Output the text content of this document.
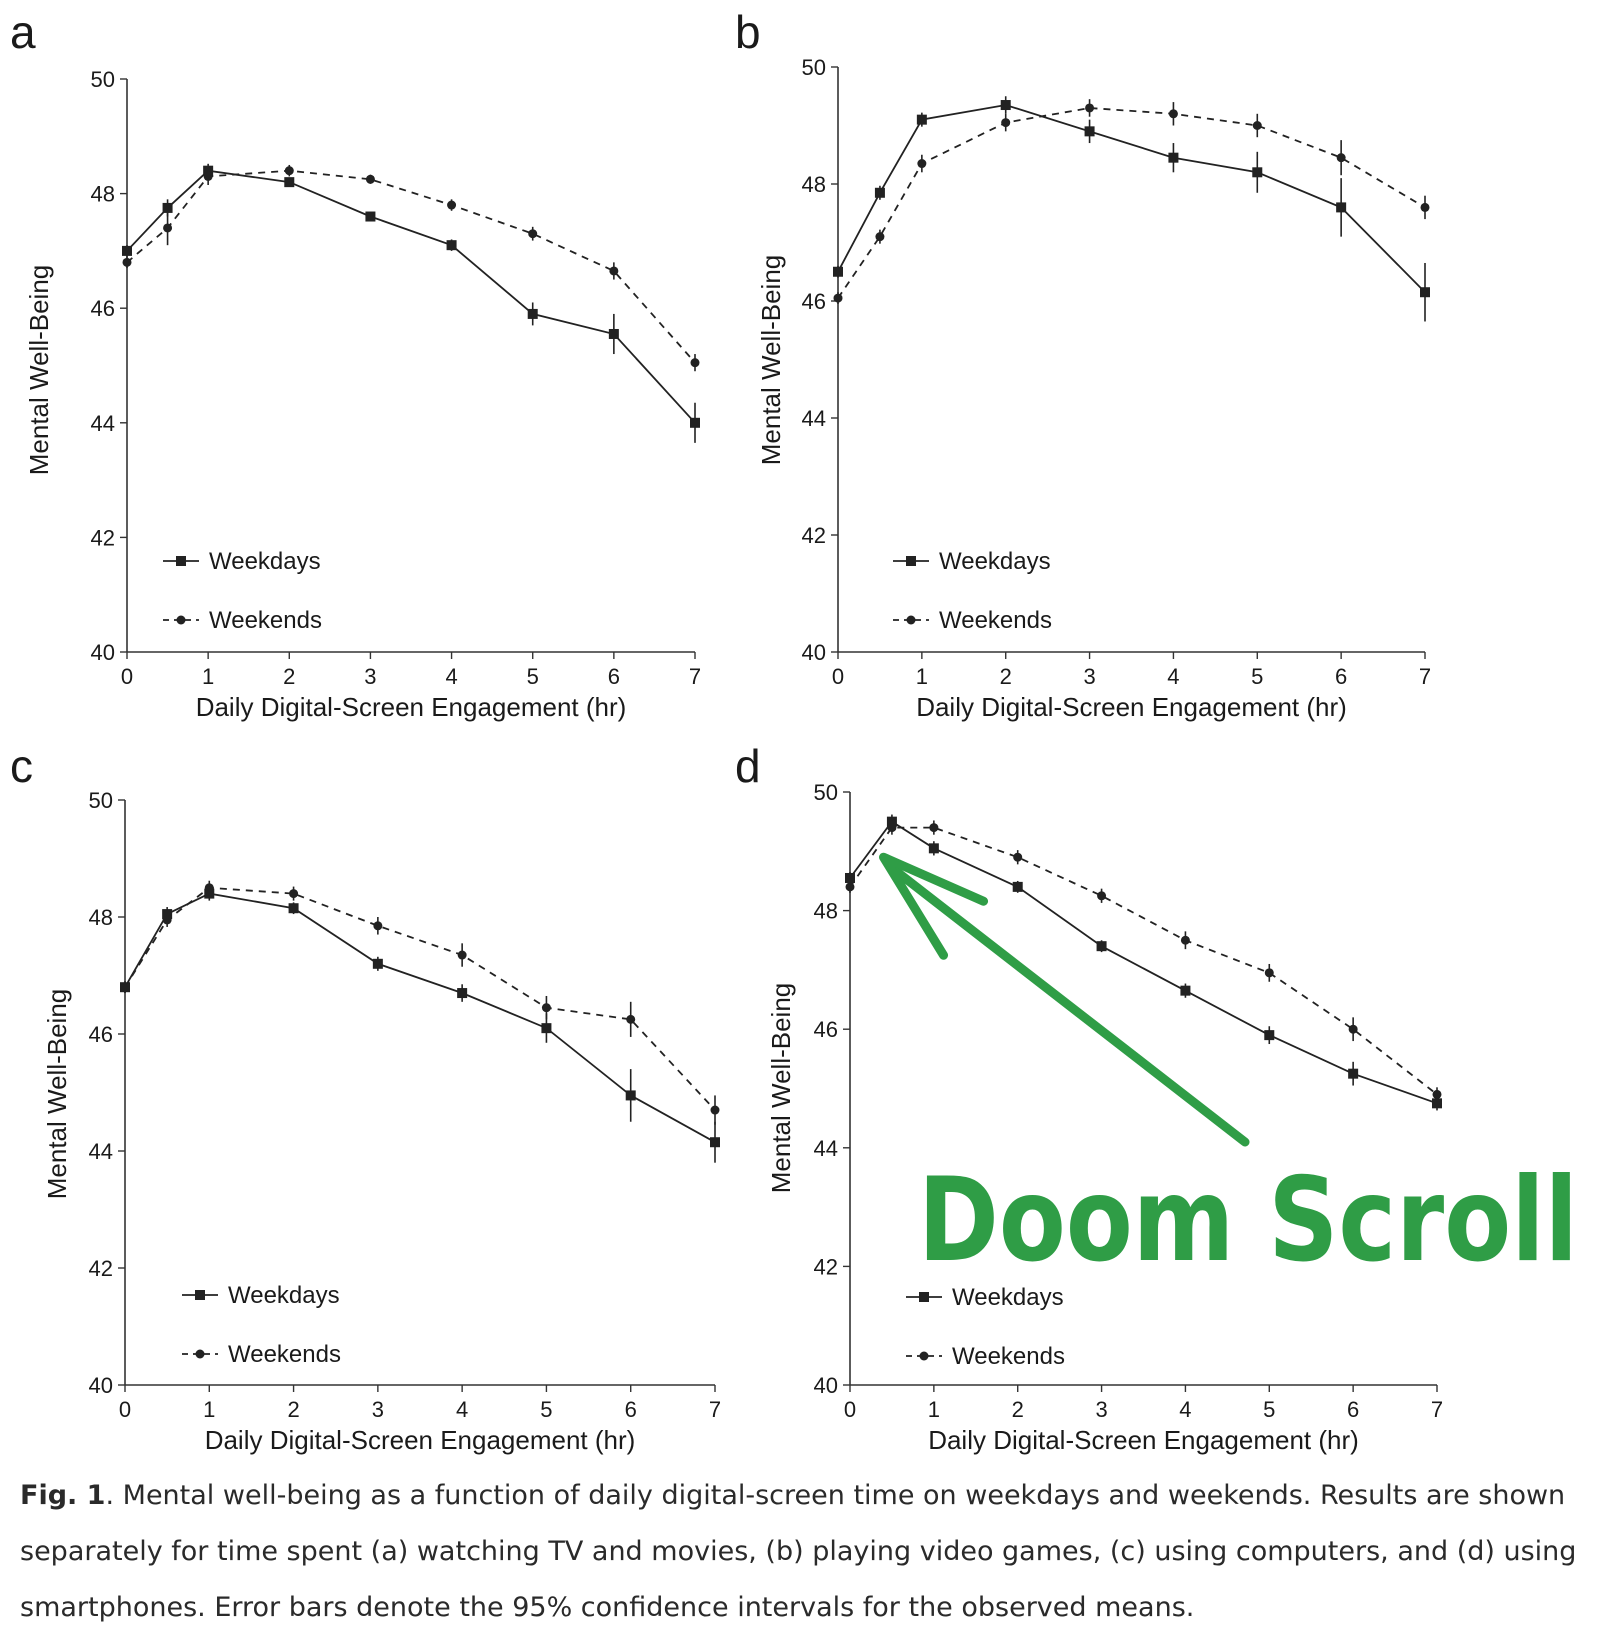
a
40
42
44
46
48
50
0	1	2	3	4	5	6	7
Daily Digital-Screen Engagement (hr)
Mental Well-Being
Weekdays
Weekends
b
40
42
44
46
48
50
0	1	2	3	4	5	6	7
Daily Digital-Screen Engagement (hr)
Mental Well-Being
Weekdays
Weekends
c
40
42
44
46
48
50
0	1	2	3	4	5	6	7
Daily Digital-Screen Engagement (hr)
Mental Well-Being
Weekdays
Weekends
d
40
42
44
46
48
50
0	1	2	3	4	5	6	7
Daily Digital-Screen Engagement (hr)
Mental Well-Being
Weekdays
Weekends
Doom Scroll

Fig. 1. Mental well-being as a function of daily digital-screen time on weekdays and weekends. Results are shown separately for time spent (a) watching TV and movies, (b) playing video games, (c) using computers, and (d) using smartphones. Error bars denote the 95% confidence intervals for the observed means.
